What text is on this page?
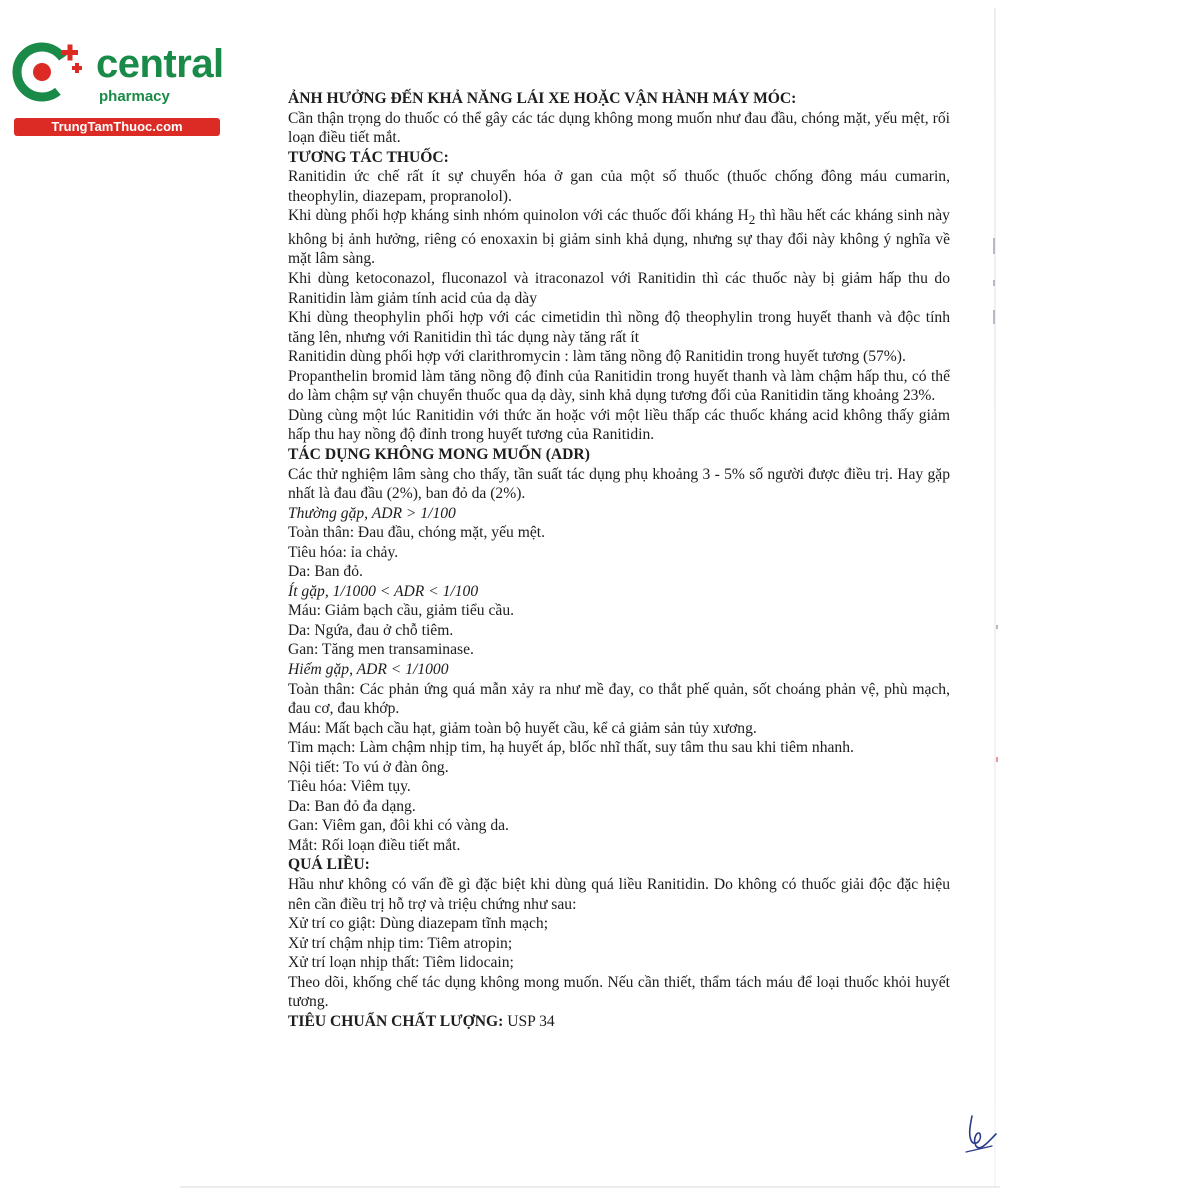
central
pharmacy
TrungTamThuoc.com

ẢNH HƯỞNG ĐẾN KHẢ NĂNG LÁI XE HOẶC VẬN HÀNH MÁY MÓC:

Cần thận trọng do thuốc có thể gây các tác dụng không mong muốn như đau đầu, chóng mặt, yếu mệt, rối loạn điều tiết mắt.

TƯƠNG TÁC THUỐC:

Ranitidin ức chế rất ít sự chuyển hóa ở gan của một số thuốc (thuốc chống đông máu cumarin, theophylin, diazepam, propranolol).

Khi dùng phối hợp kháng sinh nhóm quinolon với các thuốc đối kháng $H_2$ thì hầu hết các kháng sinh này không bị ảnh hưởng, riêng có enoxaxin bị giảm sinh khả dụng, nhưng sự thay đổi này không ý nghĩa về mặt lâm sàng.

Khi dùng ketoconazol, fluconazol và itraconazol với Ranitidin thì các thuốc này bị giảm hấp thu do Ranitidin làm giảm tính acid của dạ dày

Khi dùng theophylin phối hợp với các cimetidin thì nồng độ theophylin trong huyết thanh và độc tính tăng lên, nhưng với Ranitidin thì tác dụng này tăng rất ít

Ranitidin dùng phối hợp với clarithromycin : làm tăng nồng độ Ranitidin trong huyết tương (57%).

Propanthelin bromid làm tăng nồng độ đỉnh của Ranitidin trong huyết thanh và làm chậm hấp thu, có thể do làm chậm sự vận chuyển thuốc qua dạ dày, sinh khả dụng tương đối của Ranitidin tăng khoảng 23%.

Dùng cùng một lúc Ranitidin với thức ăn hoặc với một liều thấp các thuốc kháng acid không thấy giảm hấp thu hay nồng độ đỉnh trong huyết tương của Ranitidin.

TÁC DỤNG KHÔNG MONG MUỐN (ADR)

Các thử nghiệm lâm sàng cho thấy, tần suất tác dụng phụ khoảng 3 - 5% số người được điều trị. Hay gặp nhất là đau đầu (2%), ban đỏ da (2%).

Thường gặp, ADR > 1/100

Toàn thân: Đau đầu, chóng mặt, yếu mệt.

Tiêu hóa: ỉa chảy.

Da: Ban đỏ.

Ít gặp, 1/1000 < ADR < 1/100

Máu: Giảm bạch cầu, giảm tiểu cầu.

Da: Ngứa, đau ở chỗ tiêm.

Gan: Tăng men transaminase.

Hiếm gặp, ADR < 1/1000

Toàn thân: Các phản ứng quá mẫn xảy ra như mề đay, co thắt phế quản, sốt choáng phản vệ, phù mạch, đau cơ, đau khớp.

Máu: Mất bạch cầu hạt, giảm toàn bộ huyết cầu, kể cả giảm sản tủy xương.

Tim mạch: Làm chậm nhịp tim, hạ huyết áp, blốc nhĩ thất, suy tâm thu sau khi tiêm nhanh.

Nội tiết: To vú ở đàn ông.

Tiêu hóa: Viêm tụy.

Da: Ban đỏ đa dạng.

Gan: Viêm gan, đôi khi có vàng da.

Mắt: Rối loạn điều tiết mắt.

QUÁ LIỀU:

Hầu như không có vấn đề gì đặc biệt khi dùng quá liều Ranitidin. Do không có thuốc giải độc đặc hiệu nên cần điều trị hỗ trợ và triệu chứng như sau:

Xử trí co giật: Dùng diazepam tĩnh mạch;

Xử trí chậm nhịp tim: Tiêm atropin;

Xử trí loạn nhịp thất: Tiêm lidocain;

Theo dõi, khống chế tác dụng không mong muốn. Nếu cần thiết, thẩm tách máu để loại thuốc khỏi huyết tương.

TIÊU CHUẨN CHẤT LƯỢNG: USP 34
